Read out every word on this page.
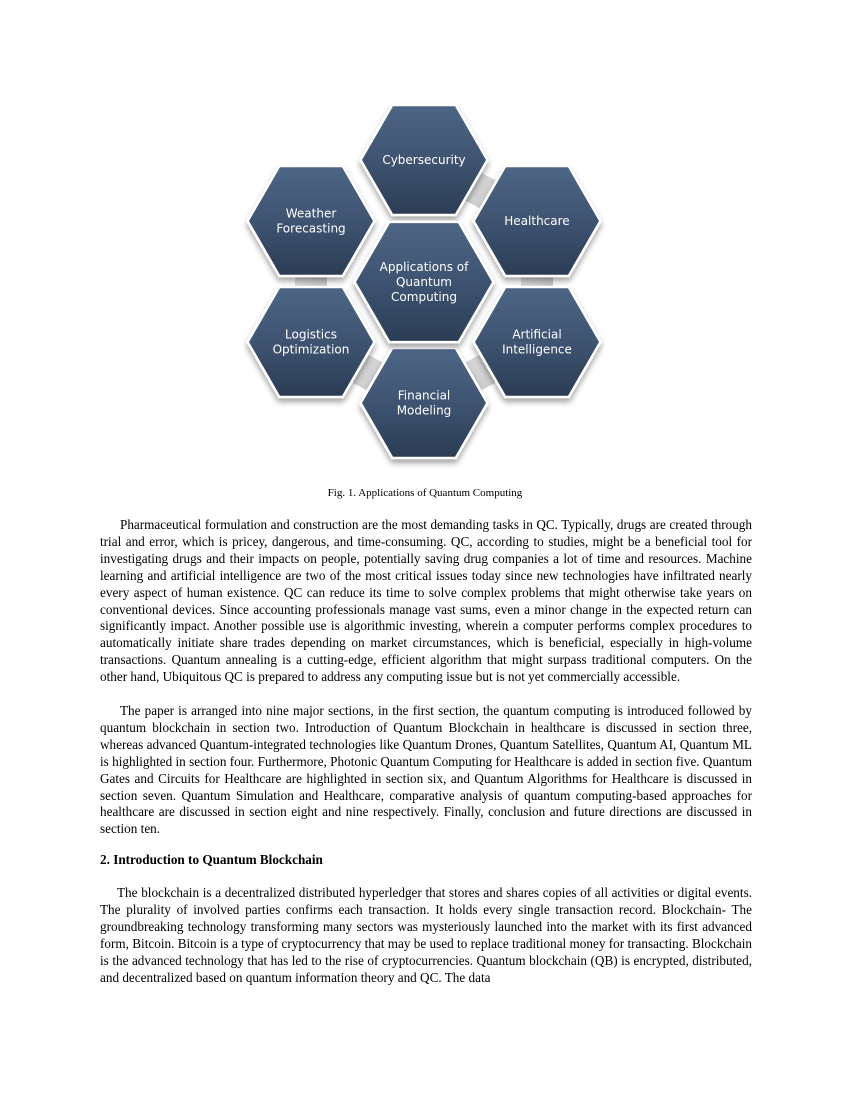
Cybersecurity
Healthcare
Artificial
Intelligence
Financial
Modeling
Logistics
Optimization
Weather
Forecasting
Applications of
Quantum
Computing
Fig. 1. Applications of Quantum Computing

Pharmaceutical formulation and construction are the most demanding tasks in QC. Typically, drugs are created through trial and error, which is pricey, dangerous, and time-consuming. QC, according to studies, might be a beneficial tool for investigating drugs and their impacts on people, potentially saving drug companies a lot of time and resources. Machine learning and artificial intelligence are two of the most critical issues today since new technologies have infiltrated nearly every aspect of human existence. QC can reduce its time to solve complex problems that might otherwise take years on conventional devices. Since accounting professionals manage vast sums, even a minor change in the expected return can significantly impact. Another possible use is algorithmic investing, wherein a computer performs complex procedures to automatically initiate share trades depending on market circumstances, which is beneficial, especially in high-volume transactions. Quantum annealing is a cutting-edge, efficient algorithm that might surpass traditional computers. On the other hand, Ubiquitous QC is prepared to address any computing issue but is not yet commercially accessible.

The paper is arranged into nine major sections, in the first section, the quantum computing is introduced followed by quantum blockchain in section two. Introduction of Quantum Blockchain in healthcare is discussed in section three, whereas advanced Quantum-integrated technologies like Quantum Drones, Quantum Satellites, Quantum AI, Quantum ML is highlighted in section four. Furthermore, Photonic Quantum Computing for Healthcare is added in section five. Quantum Gates and Circuits for Healthcare are highlighted in section six, and Quantum Algorithms for Healthcare is discussed in section seven. Quantum Simulation and Healthcare, comparative analysis of quantum computing-based approaches for healthcare are discussed in section eight and nine respectively. Finally, conclusion and future directions are discussed in section ten.

2. Introduction to Quantum Blockchain

The blockchain is a decentralized distributed hyperledger that stores and shares copies of all activities or digital events. The plurality of involved parties confirms each transaction. It holds every single transaction record. Blockchain- The groundbreaking technology transforming many sectors was mysteriously launched into the market with its first advanced form, Bitcoin. Bitcoin is a type of cryptocurrency that may be used to replace traditional money for transacting. Blockchain is the advanced technology that has led to the rise of cryptocurrencies. Quantum blockchain (QB) is encrypted, distributed, and decentralized based on quantum information theory and QC. The data
